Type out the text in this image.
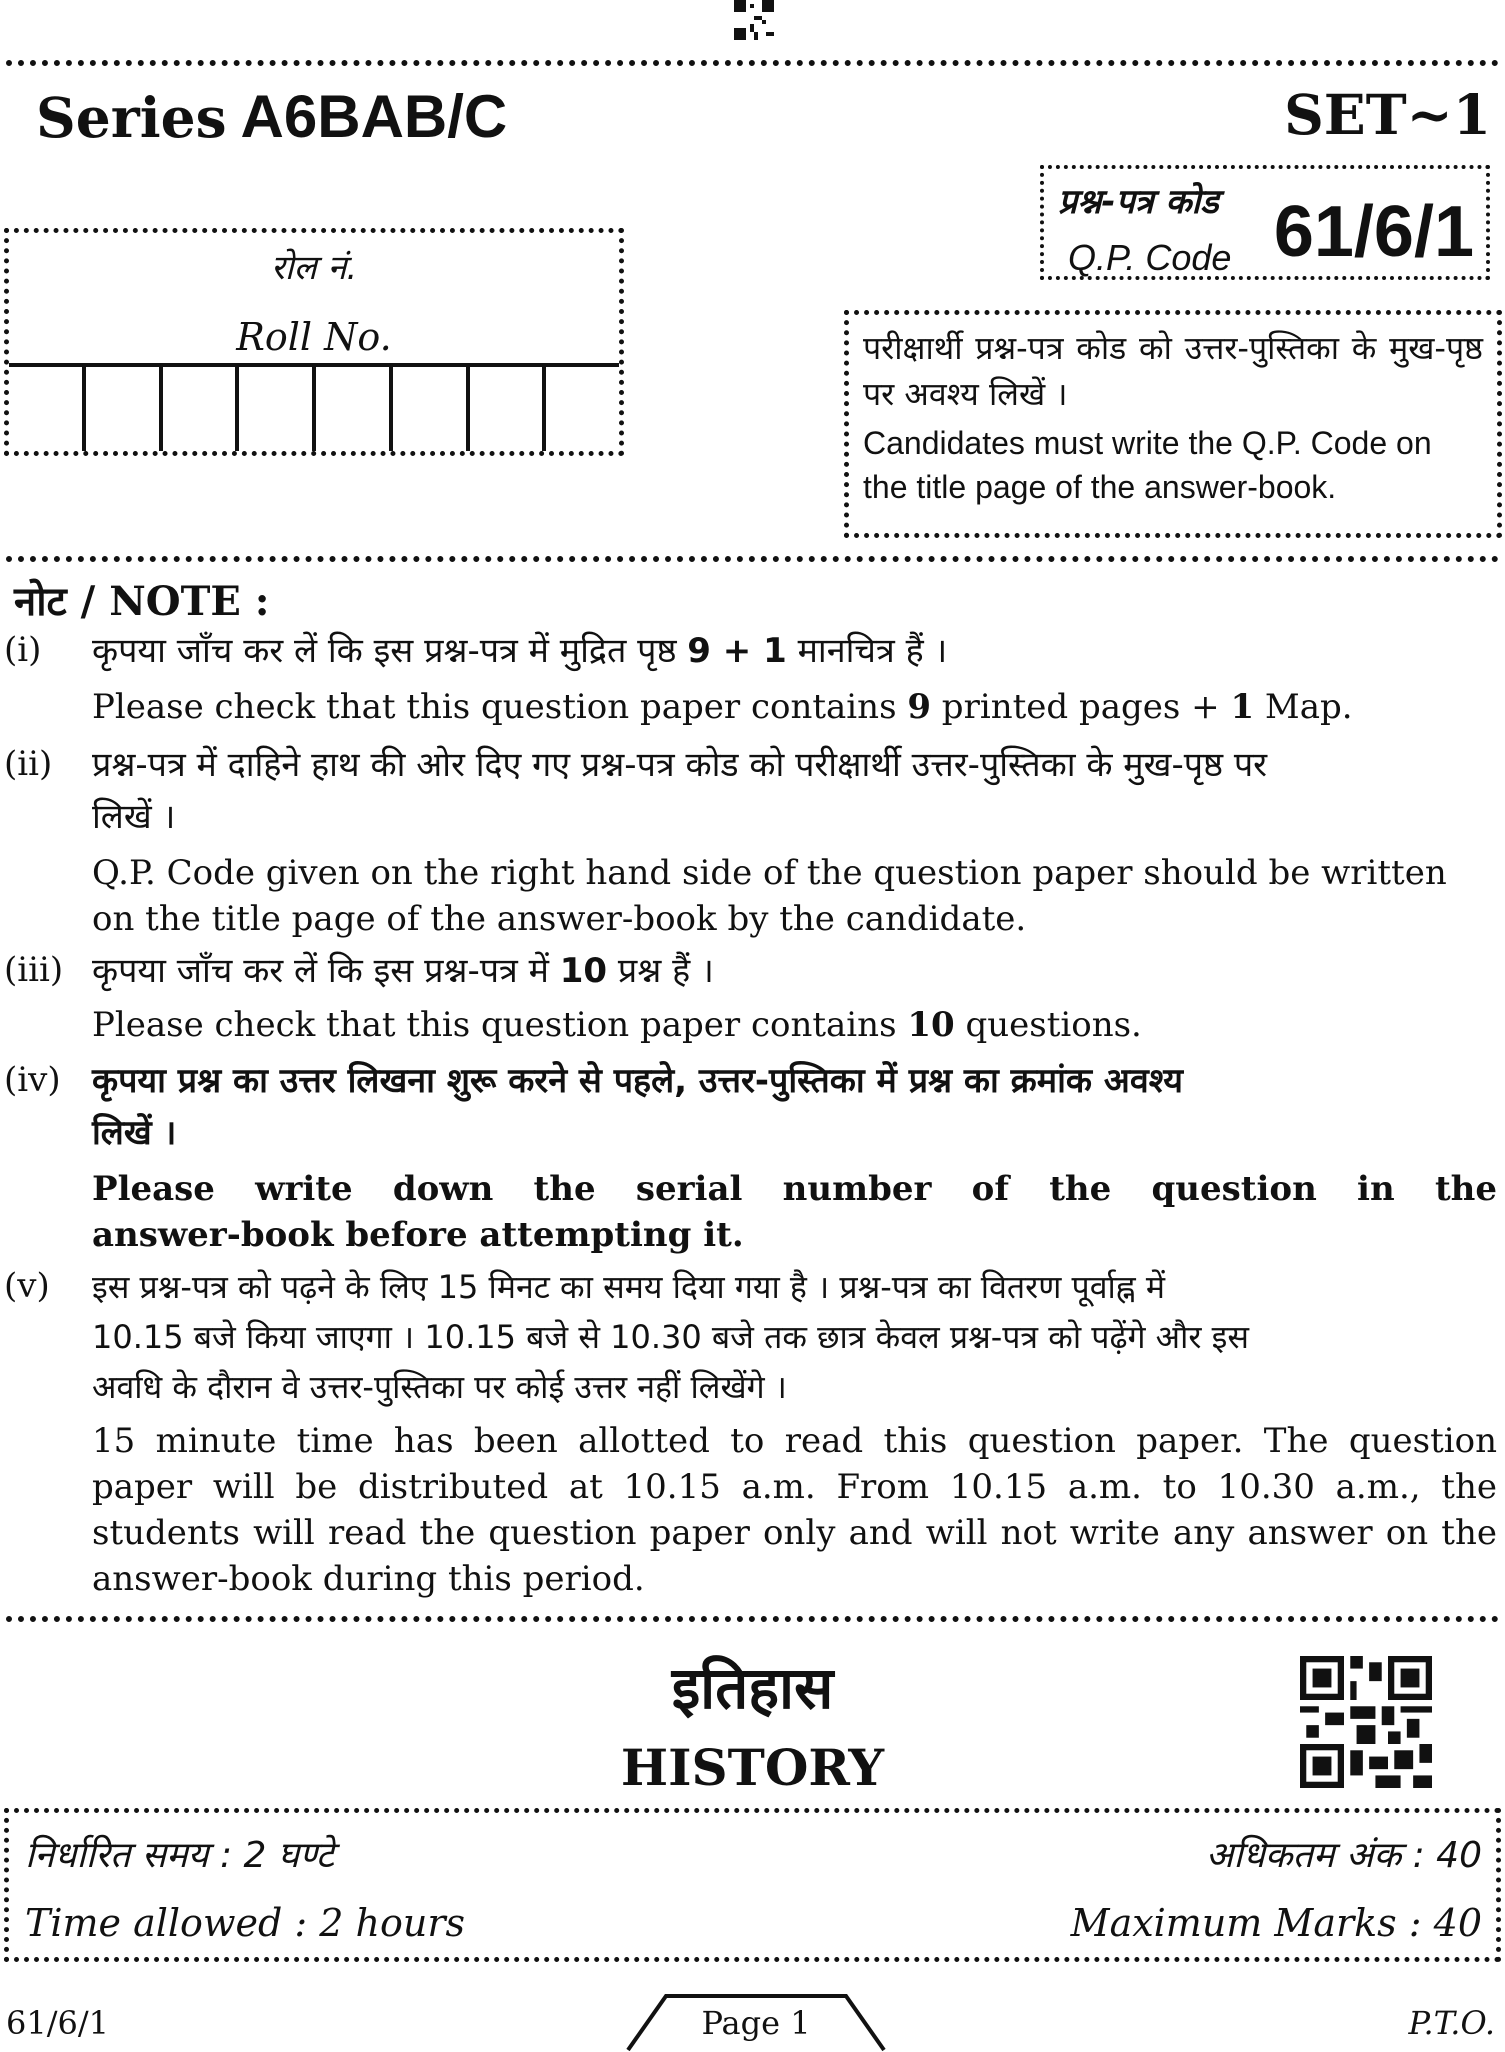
Series A6BAB/C	SET~1
प्रश्न-पत्र कोड
Q.P. Code 61/6/1
रोल नं.
Roll No.	परीक्षार्थी प्रश्न-पत्र कोड को उत्तर-पुस्तिका के मुख-पृष्ठ पर अवश्य लिखें ।
Candidates must write the Q.P. Code on
the title page of the answer-book.
नोट / NOTE :
(i) कृपया जाँच कर लें कि इस प्रश्न-पत्र में मुद्रित पृष्ठ 9 + 1 मानचित्र हैं ।
Please check that this question paper contains 9 printed pages + 1 Map.
(ii) प्रश्न-पत्र में दाहिने हाथ की ओर दिए गए प्रश्न-पत्र कोड को परीक्षार्थी उत्तर-पुस्तिका के मुख-पृष्ठ पर
लिखें ।
Q.P. Code given on the right hand side of the question paper should be written
on the title page of the answer-book by the candidate.
(iii) कृपया जाँच कर लें कि इस प्रश्न-पत्र में 10 प्रश्न हैं ।
Please check that this question paper contains 10 questions.
(iv) कृपया प्रश्न का उत्तर लिखना शुरू करने से पहले, उत्तर-पुस्तिका में प्रश्न का क्रमांक अवश्य
लिखें ।
Please write down the serial number of the question in the
answer-book before attempting it.
(v) इस प्रश्न-पत्र को पढ़ने के लिए 15 मिनट का समय दिया गया है । प्रश्न-पत्र का वितरण पूर्वाह्न में
10.15 बजे किया जाएगा । 10.15 बजे से 10.30 बजे तक छात्र केवल प्रश्न-पत्र को पढ़ेंगे और इस
अवधि के दौरान वे उत्तर-पुस्तिका पर कोई उत्तर नहीं लिखेंगे ।
15 minute time has been allotted to read this question paper. The question
paper will be distributed at 10.15 a.m. From 10.15 a.m. to 10.30 a.m., the
students will read the question paper only and will not write any answer on the
answer-book during this period.
इतिहास
HISTORY
निर्धारित समय : 2 घण्टे	अधिकतम अंक : 40
Time allowed : 2 hours	Maximum Marks : 40
61/6/1	Page 1	P.T.O.
